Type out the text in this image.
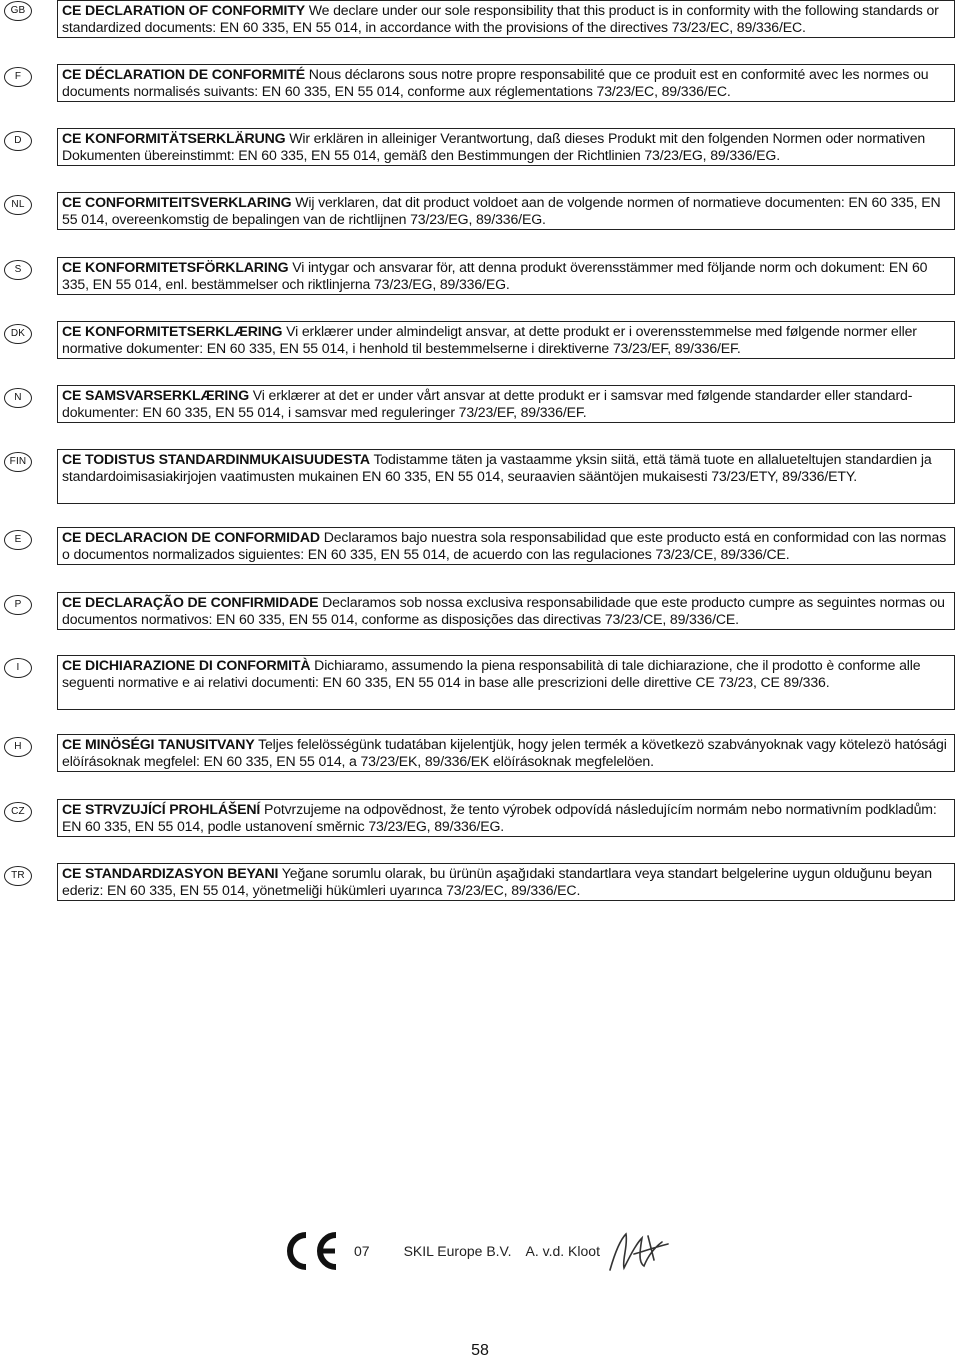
GB	CE DECLARATION OF CONFORMITY We declare under our sole responsibility that this product is in conformity with the following standards or standardized documents: EN 60 335, EN 55 014, in accordance with the provisions of the directives 73/23/EC, 89/336/EC.
F	CE DÉCLARATION DE CONFORMITÉ Nous déclarons sous notre propre responsabilité que ce produit est en conformité avec les normes ou documents normalisés suivants: EN 60 335, EN 55 014, conforme aux réglementations 73/23/EC, 89/336/EC.
D	CE KONFORMITÄTSERKLÄRUNG Wir erklären in alleiniger Verantwortung, daß dieses Produkt mit den folgenden Normen oder normativen Dokumenten übereinstimmt: EN 60 335, EN 55 014, gemäß den Bestimmungen der Richtlinien 73/23/EG, 89/336/EG.
NL	CE CONFORMITEITSVERKLARING Wij verklaren, dat dit product voldoet aan de volgende normen of normatieve documenten: EN 60 335, EN 55 014, overeenkomstig de bepalingen van de richtlijnen 73/23/EG, 89/336/EG.
S	CE KONFORMITETSFÖRKLARING Vi intygar och ansvarar för, att denna produkt överensstämmer med följande norm och dokument: EN 60 335, EN 55 014, enl. bestämmelser och riktlinjerna 73/23/EG, 89/336/EG.
DK	CE KONFORMITETSERKLÆRING Vi erklærer under almindeligt ansvar, at dette produkt er i overensstemmelse med følgende normer eller normative dokumenter: EN 60 335, EN 55 014, i henhold til bestemmelserne i direktiverne 73/23/EF, 89/336/EF.
N	CE SAMSVARSERKLÆRING Vi erklærer at det er under vårt ansvar at dette produkt er i samsvar med følgende standarder eller standard- dokumenter: EN 60 335, EN 55 014, i samsvar med reguleringer 73/23/EF, 89/336/EF.
FIN	CE TODISTUS STANDARDINMUKAISUUDESTA Todistamme täten ja vastaamme yksin siitä, että tämä tuote en allalueteltujen standardien ja standardoimisasiakirjojen vaatimusten mukainen EN 60 335, EN 55 014, seuraavien sääntöjen mukaisesti 73/23/ETY, 89/336/ETY.
E	CE DECLARACION DE CONFORMIDAD Declaramos bajo nuestra sola responsabilidad que este producto está en conformidad con las normas o documentos normalizados siguientes: EN 60 335, EN 55 014, de acuerdo con las regulaciones 73/23/CE, 89/336/CE.
P	CE DECLARAÇÃO DE CONFIRMIDADE Declaramos sob nossa exclusiva responsabilidade que este producto cumpre as seguintes normas ou documentos normativos: EN 60 335, EN 55 014, conforme as disposições das directivas 73/23/CE, 89/336/CE.
I	CE DICHIARAZIONE DI CONFORMITÀ Dichiaramo, assumendo la piena responsabilità di tale dichiarazione, che il prodotto è conforme alle seguenti normative e ai relativi documenti: EN 60 335, EN 55 014 in base alle prescrizioni delle direttive CE 73/23, CE 89/336.
H	CE MINÖSÉGI TANUSITVANY Teljes felelösségünk tudatában kijelentjük, hogy jelen termék a következö szabványoknak vagy kötelezö hatósági elöírásoknak megfelel: EN 60 335, EN 55 014, a 73/23/EK, 89/336/EK elöírásoknak megfelelöen.
CZ	CE STRVZUJÍCÍ PROHLÁŠENÍ Potvrzujeme na odpovědnost, že tento výrobek odpovídá následujícím normám nebo normativním podkladům: EN 60 335, EN 55 014, podle ustanovení směrnic 73/23/EG, 89/336/EG.
TR	CE STANDARDIZASYON BEYANI Yeğane sorumlu olarak, bu ürünün aşağıdaki standartlara veya standart belgelerine uygun olduğunu beyan ederiz: EN 60 335, EN 55 014, yönetmeliği hükümleri uyarınca 73/23/EC, 89/336/EC.
07 SKIL Europe B.V. A. v.d. Kloot
58
